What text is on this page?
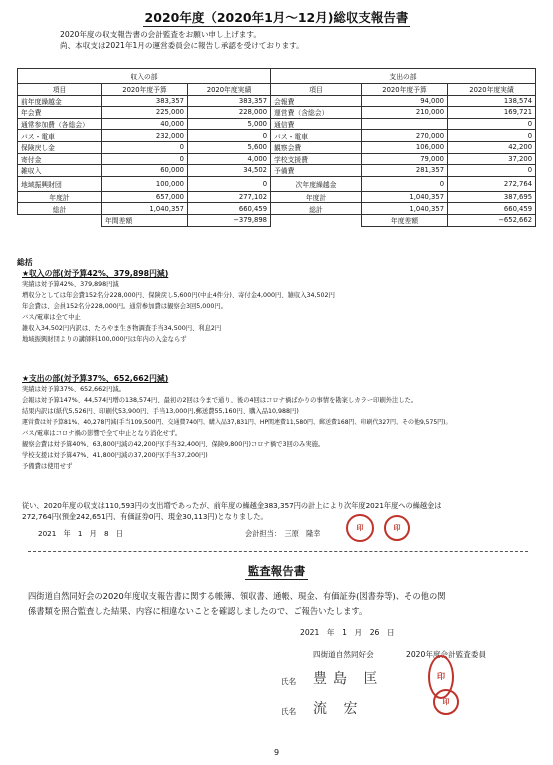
2020年度（2020年1月〜12月)総収支報告書
2020年度の収支報告書の会計監査をお願い申し上げます。
尚、本収支は2021年1月の運営委員会に報告し承認を受けております。
収入の部			支出の部		
項目	2020年度予算	2020年度実績	項目	2020年度予算	2020年度実績
前年度繰越金	383,357	383,357	会報費	94,000	138,574
年会費	225,000	228,000	運営費（含総会）	210,000	169,721
通常参加費（各総会）	40,000	5,000	通信費		0
バス・電車	232,000	0	バス・電車	270,000	0
保険戻し金	0	5,600	観察会費	106,000	42,200
寄付金	0	4,000	学校支援費	79,000	37,200
雑収入	60,000	34,502	予備費	281,357	0
地域振興財団	100,000	0	次年度繰越金	0	272,764
年度計	657,000	277,102	年度計	1,040,357	387,695
総計	1,040,357	660,459	総計	1,040,357	660,459
	年間差額	−379,898		年度差額	−652,662
総括
★収入の部(対予算42%、379,898円減)
実績は対予算42%、379,898円減
増収分としては年会費152名分228,000円、保険戻し5,600円(中止4件分)、寄付金4,000円、雑収入34,502円
年会費は、会員152名分228,000円。通常参加費は観察会3回5,000円。
バス/電車は全て中止
雑収入34,502円内訳は、たろやま生き物調査手当34,500円、利息2円
地域振興財団よりの講師料100,000円は年内の入金ならず
★支出の部(対予算37%、652,662円減)
実績は対予算37%、652,662円減。
会報は対予算147%、44,574円増の138,574円、最初の2回は今まで通り、後の4回はコロナ禍ばかりの事情を勘案しカラー印刷外注した。
結果内訳は(紙代5,526円、印刷代53,900円、手当13,000円,郵送費55,160円、購入品10,988円)
運営費は対予算81%、40,278円減(手当109,500円、交通費740円、購入品37,831円、HP関連費11,580円、郵送費168円、印刷代327円、その他9,575円)。
バス/電車はコロナ禍の影響で全て中止となり消化せず。
観察会費は対予算40%、63,800円減の42,200円(手当32,400円、保険9,800円)コロナ禍で3回のみ実施。
学校支援は対予算47%、41,800円減の37,200円(手当37,200円)
予備費は使用せず
従い、2020年度の収支は110,593円の支出増であったが、前年度の繰越金383,357円の計上により次年度2021年度への繰越金は
272,764円(預金242,651円、有価証券0円、現金30,113円)となりました。
2021　年　1　月　8　日	会計担当：　三原　隆幸
印	印
監査報告書
四街道自然同好会の2020年度収支報告書に関する帳簿、領収書、通帳、現金、有価証券(図書券等)、その他の関
係書類を照合監査した結果、内容に相違ないことを確認しましたので、ご報告いたします。
2021　年　1　月　26　日
四街道自然同好会	2020年度会計監査委員
氏名 豊島 匡	印
氏名 流 宏	印
9
